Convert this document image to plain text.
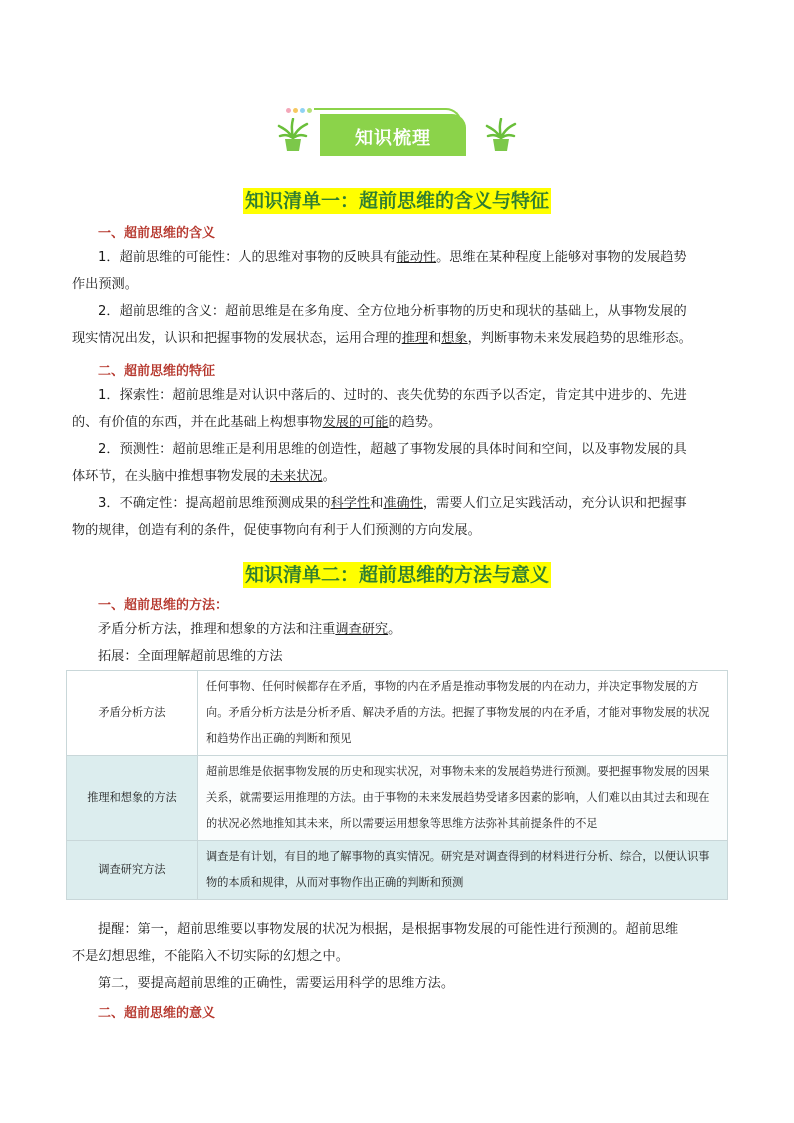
知识梳理
知识清单一：超前思维的含义与特征
一、超前思维的含义
1．超前思维的可能性：人的思维对事物的反映具有能动性。思维在某种程度上能够对事物的发展趋势
作出预测。
2．超前思维的含义：超前思维是在多角度、全方位地分析事物的历史和现状的基础上，从事物发展的
现实情况出发，认识和把握事物的发展状态，运用合理的推理和想象，判断事物未来发展趋势的思维形态。
二、超前思维的特征
1．探索性：超前思维是对认识中落后的、过时的、丧失优势的东西予以否定，肯定其中进步的、先进
的、有价值的东西，并在此基础上构想事物发展的可能的趋势。
2．预测性：超前思维正是利用思维的创造性，超越了事物发展的具体时间和空间，以及事物发展的具
体环节，在头脑中推想事物发展的未来状况。
3．不确定性：提高超前思维预测成果的科学性和准确性，需要人们立足实践活动，充分认识和把握事
物的规律，创造有利的条件，促使事物向有利于人们预测的方向发展。
知识清单二：超前思维的方法与意义
一、超前思维的方法：
矛盾分析方法，推理和想象的方法和注重调查研究。
拓展：全面理解超前思维的方法
矛盾分析方法	任何事物、任何时候都存在矛盾，事物的内在矛盾是推动事物发展的内在动力，并决定事物发展的方向。矛盾分析方法是分析矛盾、解决矛盾的方法。把握了事物发展的内在矛盾，才能对事物发展的状况和趋势作出正确的判断和预见
推理和想象的方法	超前思维是依据事物发展的历史和现实状况，对事物未来的发展趋势进行预测。要把握事物发展的因果关系，就需要运用推理的方法。由于事物的未来发展趋势受诸多因素的影响，人们难以由其过去和现在的状况必然地推知其未来，所以需要运用想象等思维方法弥补其前提条件的不足
调查研究方法	调查是有计划，有目的地了解事物的真实情况。研究是对调查得到的材料进行分析、综合，以便认识事物的本质和规律，从而对事物作出正确的判断和预测
提醒：第一，超前思维要以事物发展的状况为根据，是根据事物发展的可能性进行预测的。超前思维
不是幻想思维，不能陷入不切实际的幻想之中。
第二，要提高超前思维的正确性，需要运用科学的思维方法。
二、超前思维的意义
